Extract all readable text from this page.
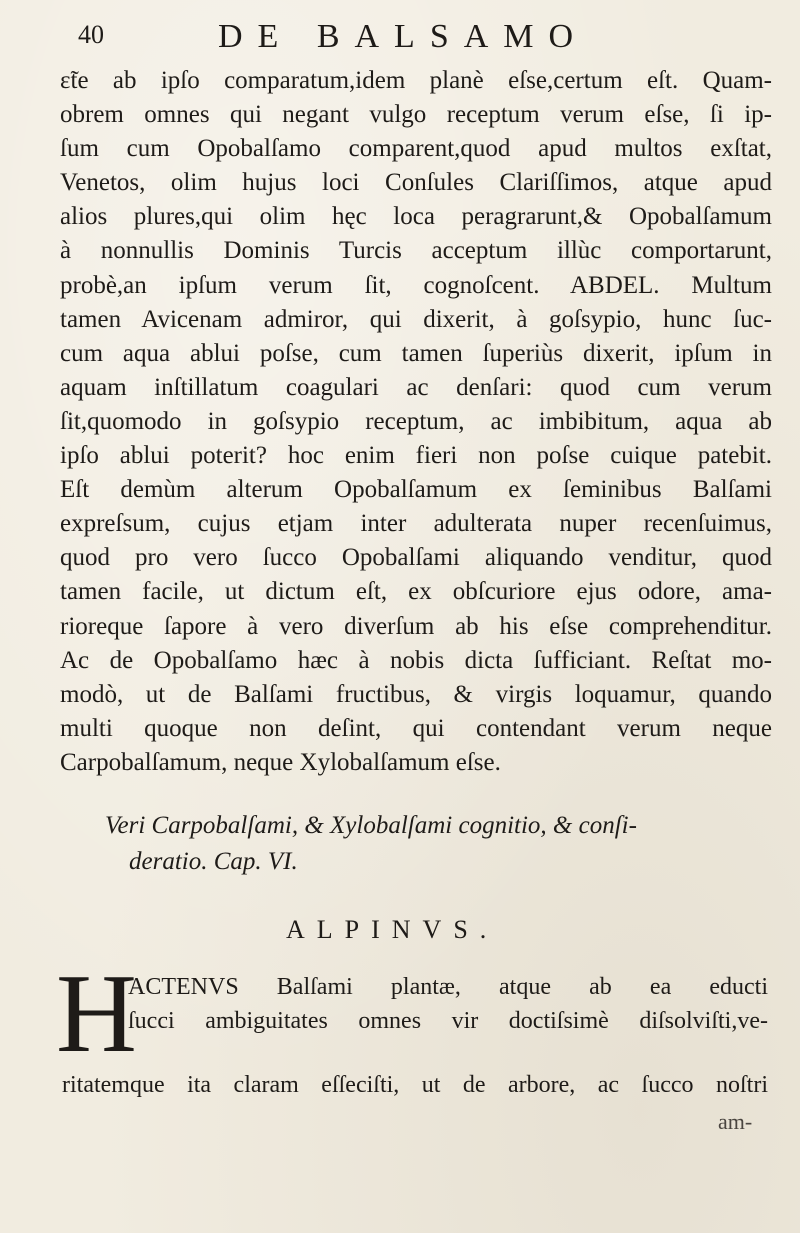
40	DE BALSAMO
ɛ̃te ab ipſo comparatum,idem planè eſse,certum eſt. Quam-
obrem omnes qui negant vulgo receptum verum eſse, ſi ip-
ſum cum Opobalſamo comparent,quod apud multos exſtat,
Venetos, olim hujus loci Conſules Clariſſimos, atque apud
alios plures,qui olim hęc loca peragrarunt,& Opobalſamum
à nonnullis Dominis Turcis acceptum illùc comportarunt,
probè,an ipſum verum ſit, cognoſcent. ABDEL. Multum
tamen Avicenam admiror, qui dixerit, à goſsypio, hunc ſuc-
cum aqua ablui poſse, cum tamen ſuperiùs dixerit, ipſum in
aquam inſtillatum coagulari ac denſari: quod cum verum
ſit,quomodo in goſsypio receptum, ac imbibitum, aqua ab
ipſo ablui poterit? hoc enim fieri non poſse cuique patebit.
Eſt demùm alterum Opobalſamum ex ſeminibus Balſami
expreſsum, cujus etjam inter adulterata nuper recenſuimus,
quod pro vero ſucco Opobalſami aliquando venditur, quod
tamen facile, ut dictum eſt, ex obſcuriore ejus odore, ama-
rioreque ſapore à vero diverſum ab his eſse comprehenditur.
Ac de Opobalſamo hæc à nobis dicta ſufficiant. Reſtat mo-
modò, ut de Balſami fructibus, & virgis loquamur, quando
multi quoque non deſint, qui contendant verum neque
Carpobalſamum, neque Xylobalſamum eſse.
Veri Carpobalſami, & Xylobalſami cognitio, & conſi-
deratio. Cap. VI.
ALPINVS.
H
ACTENVS Balſami plantæ, atque ab ea educti
ſucci ambiguitates omnes vir doctiſsimè diſsolviſti,ve-
ritatemque ita claram eſſeciſti, ut de arbore, ac ſucco noſtri
am-
